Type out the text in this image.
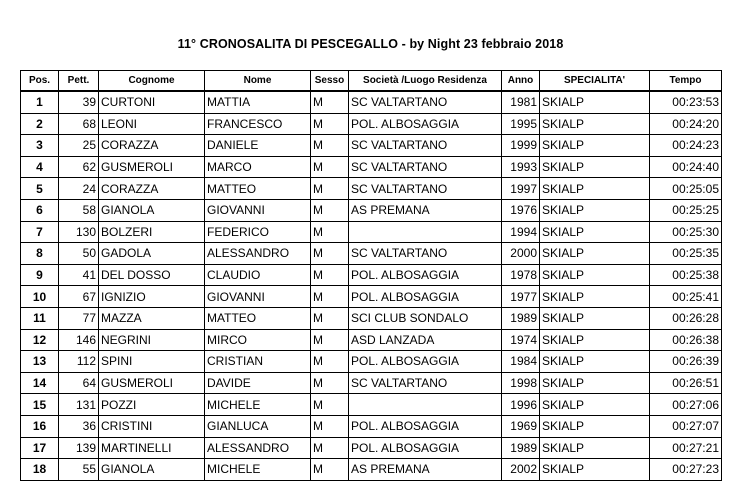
11° CRONOSALITA DI PESCEGALLO - by Night 23 febbraio 2018
Pos.	Pett.	Cognome	Nome	Sesso	Società /Luogo Residenza	Anno	SPECIALITA'	Tempo
1	39	CURTONI	MATTIA	M	SC VALTARTANO	1981	SKIALP	00:23:53
2	68	LEONI	FRANCESCO	M	POL. ALBOSAGGIA	1995	SKIALP	00:24:20
3	25	CORAZZA	DANIELE	M	SC VALTARTANO	1999	SKIALP	00:24:23
4	62	GUSMEROLI	MARCO	M	SC VALTARTANO	1993	SKIALP	00:24:40
5	24	CORAZZA	MATTEO	M	SC VALTARTANO	1997	SKIALP	00:25:05
6	58	GIANOLA	GIOVANNI	M	AS PREMANA	1976	SKIALP	00:25:25
7	130	BOLZERI	FEDERICO	M		1994	SKIALP	00:25:30
8	50	GADOLA	ALESSANDRO	M	SC VALTARTANO	2000	SKIALP	00:25:35
9	41	DEL DOSSO	CLAUDIO	M	POL. ALBOSAGGIA	1978	SKIALP	00:25:38
10	67	IGNIZIO	GIOVANNI	M	POL. ALBOSAGGIA	1977	SKIALP	00:25:41
11	77	MAZZA	MATTEO	M	SCI CLUB SONDALO	1989	SKIALP	00:26:28
12	146	NEGRINI	MIRCO	M	ASD LANZADA	1974	SKIALP	00:26:38
13	112	SPINI	CRISTIAN	M	POL. ALBOSAGGIA	1984	SKIALP	00:26:39
14	64	GUSMEROLI	DAVIDE	M	SC VALTARTANO	1998	SKIALP	00:26:51
15	131	POZZI	MICHELE	M		1996	SKIALP	00:27:06
16	36	CRISTINI	GIANLUCA	M	POL. ALBOSAGGIA	1969	SKIALP	00:27:07
17	139	MARTINELLI	ALESSANDRO	M	POL. ALBOSAGGIA	1989	SKIALP	00:27:21
18	55	GIANOLA	MICHELE	M	AS PREMANA	2002	SKIALP	00:27:23
